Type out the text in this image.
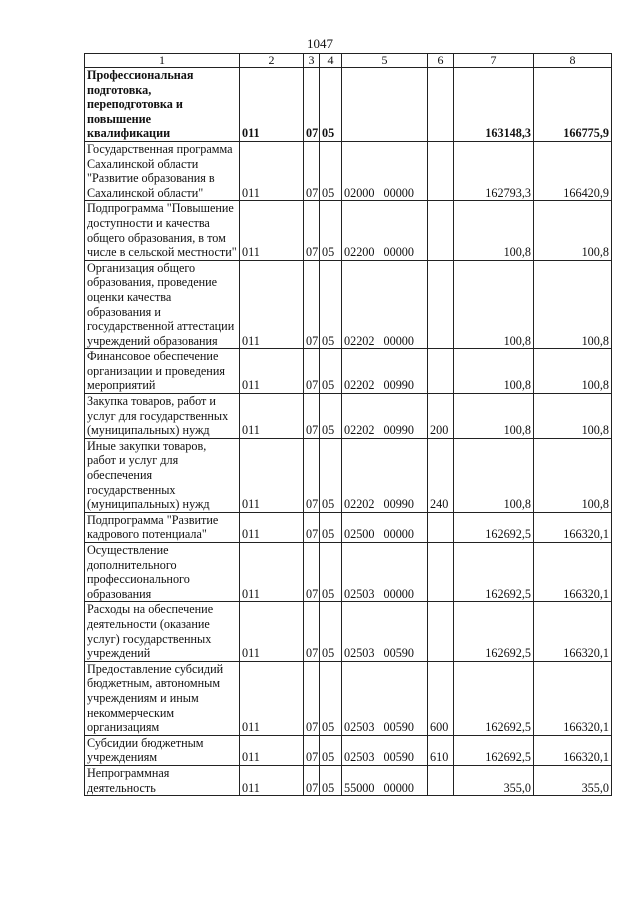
1047
1	2	3	4	5	6	7	8
Профессиональная подготовка, переподготовка и повышение квалификации	011	07	05			163148,3	166775,9
Государственная программа Сахалинской области "Развитие образования в Сахалинской области"	011	07	05	02000 00000		162793,3	166420,9
Подпрограмма "Повышение доступности и качества общего образования, в том числе в сельской местности"	011	07	05	02200 00000		100,8	100,8
Организация общего образования, проведение оценки качества образования и государственной аттестации учреждений образования	011	07	05	02202 00000		100,8	100,8
Финансовое обеспечение организации и проведения мероприятий	011	07	05	02202 00990		100,8	100,8
Закупка товаров, работ и услуг для государственных (муниципальных) нужд	011	07	05	02202 00990	200	100,8	100,8
Иные закупки товаров, работ и услуг для обеспечения государственных (муниципальных) нужд	011	07	05	02202 00990	240	100,8	100,8
Подпрограмма "Развитие кадрового потенциала"	011	07	05	02500 00000		162692,5	166320,1
Осуществление дополнительного профессионального образования	011	07	05	02503 00000		162692,5	166320,1
Расходы на обеспечение деятельности (оказание услуг) государственных учреждений	011	07	05	02503 00590		162692,5	166320,1
Предоставление субсидий бюджетным, автономным учреждениям и иным некоммерческим организациям	011	07	05	02503 00590	600	162692,5	166320,1
Субсидии бюджетным учреждениям	011	07	05	02503 00590	610	162692,5	166320,1
Непрограммная деятельность	011	07	05	55000 00000		355,0	355,0
